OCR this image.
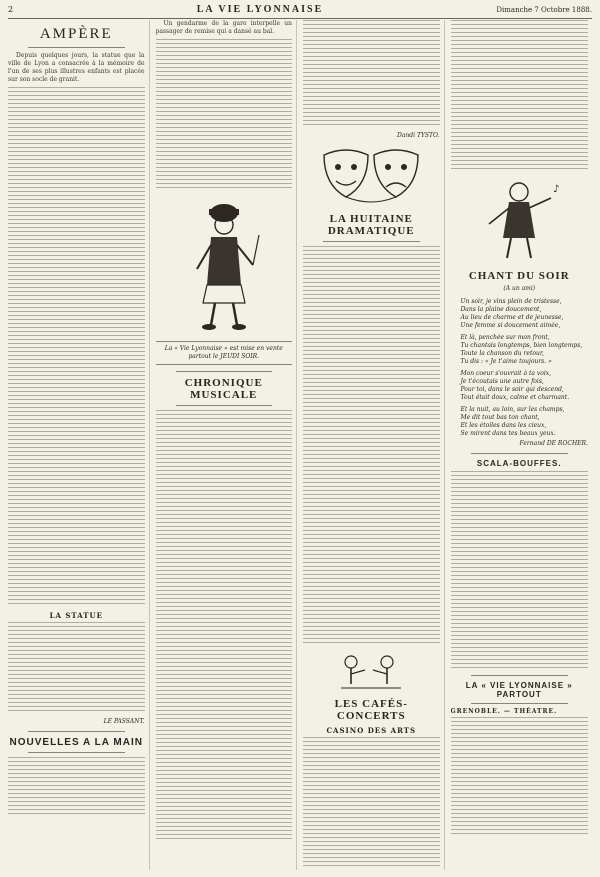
2	LA VIE LYONNAISE	Dimanche 7 Octobre 1888.
AMPÈRE

Depuis quelques jours, la statue que la ville de Lyon a consacrée à la mémoire de l'un de ses plus illustres enfants est placée sur son socle de granit.

LA STATUE
LE PASSANT.
NOUVELLES A LA MAIN

Un gendarme de la gare interpelle un passager de remise qui a dansé au bal.

La « Vie Lyonnaise » est mise en vente partout le JEUDI SOIR.
CHRONIQUE MUSICALE
Dandi TYSTO.
LA HUITAINE DRAMATIQUE
LES CAFÉS-CONCERTS
CASINO DES ARTS
♪
CHANT DU SOIR
(A un ami)
Un soir, je vins plein de tristesse,
Dans la plaine doucement,
Au lieu de charme et de jeunesse,
Une femme si doucement aimée,
Et là, penchée sur mon front,
Tu chantais longtemps, bien longtemps,
Toute la chanson du retour,
Tu dis : « Je t'aime toujours. »
Mon coeur s'ouvrait à ta voix,
Je t'écoutais une autre fois,
Pour toi, dans le soir qui descend,
Tout était doux, calme et charmant.
Et la nuit, au loin, sur les champs,
Me dit tout bas ton chant,
Et les étoiles dans les cieux,
Se mirent dans tes beaux yeux.
Fernand DE ROCHER.
SCALA-BOUFFES.
LA « VIE LYONNAISE » PARTOUT
GRENOBLE. — THÉATRE.
